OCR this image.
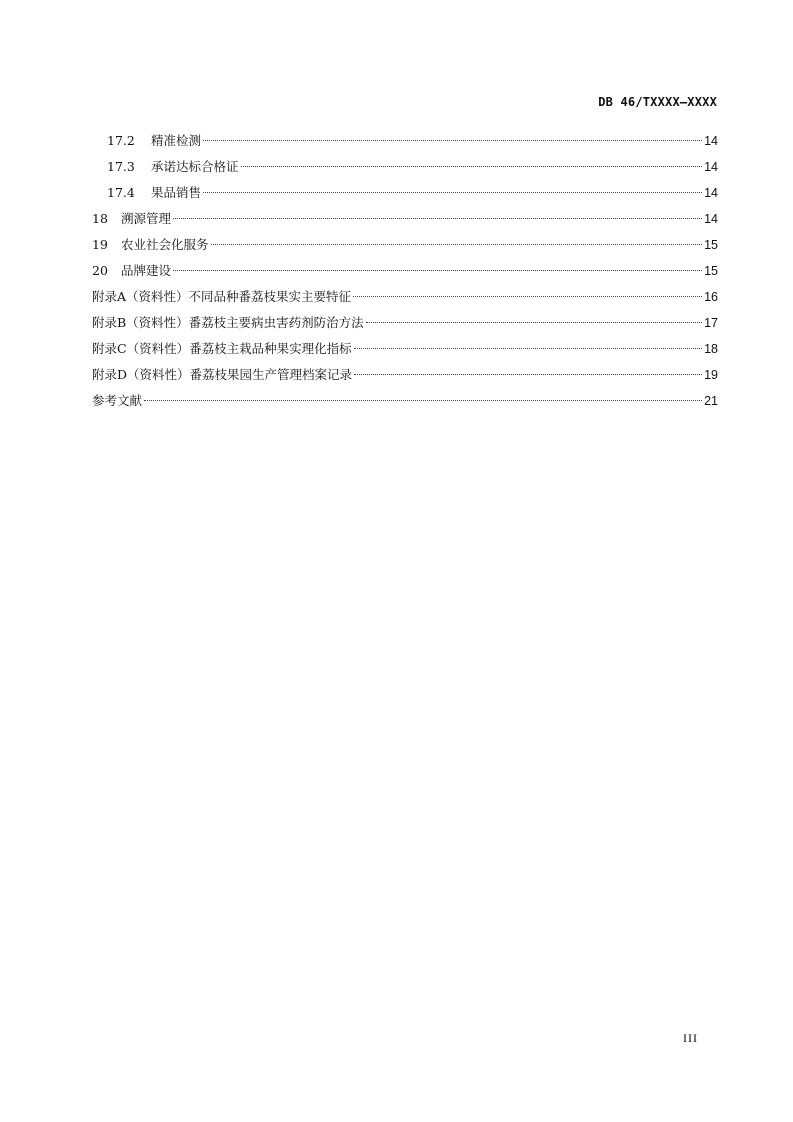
DB 46/TXXXX—XXXX
17.2	精准检测	14
17.3	承诺达标合格证	14
17.4	果品销售	14
18	溯源管理	14
19	农业社会化服务	15
20	品牌建设	15
附录A（资料性）不同品种番荔枝果实主要特征	16
附录B（资料性）番荔枝主要病虫害药剂防治方法	17
附录C（资料性）番荔枝主栽品种果实理化指标	18
附录D（资料性）番荔枝果园生产管理档案记录	19
参考文献	21
III
